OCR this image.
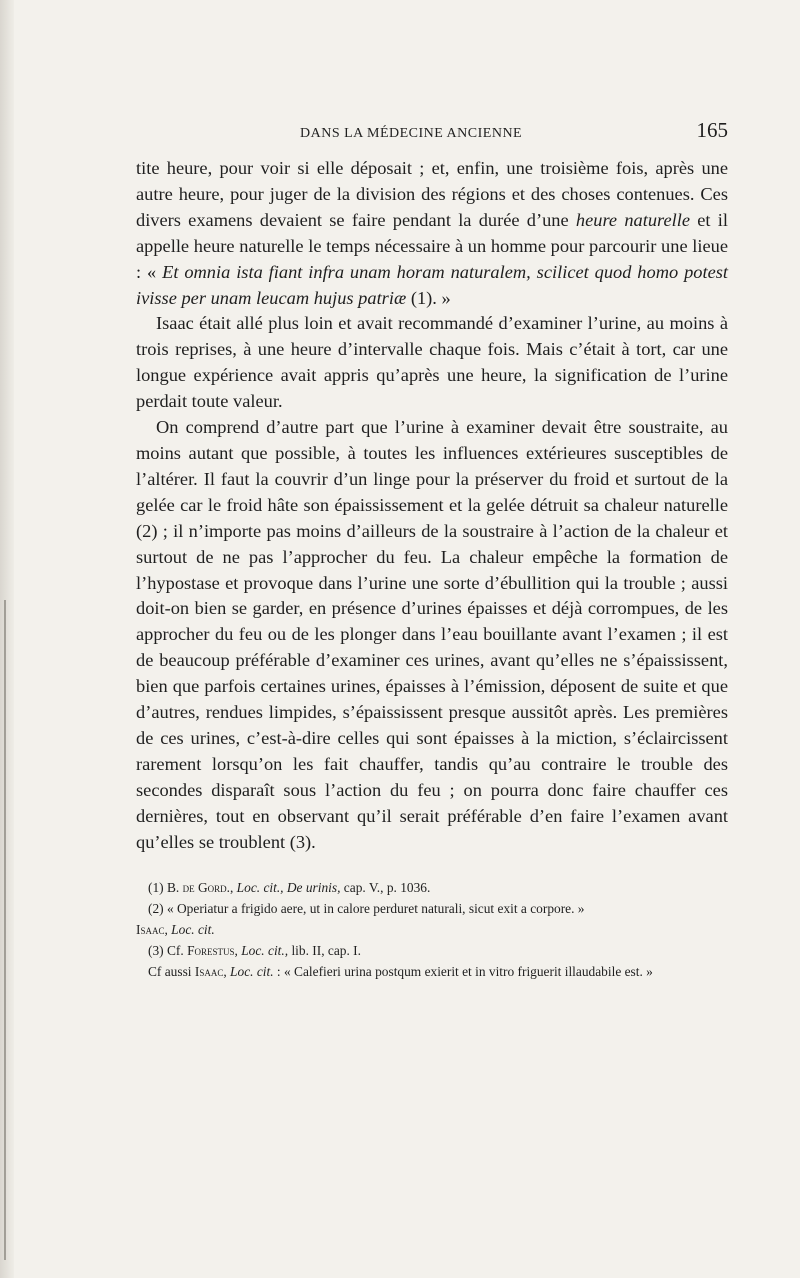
DANS LA MÉDECINE ANCIENNE	165

tite heure, pour voir si elle déposait ; et, enfin, une troisième fois, après une autre heure, pour juger de la division des régions et des choses contenues. Ces divers examens devaient se faire pendant la durée d’une heure naturelle et il appelle heure naturelle le temps nécessaire à un homme pour parcourir une lieue : « Et omnia ista fiant infra unam horam naturalem, scilicet quod homo potest ivisse per unam leucam hujus patriæ (1). »

Isaac était allé plus loin et avait recommandé d’examiner l’urine, au moins à trois reprises, à une heure d’intervalle chaque fois. Mais c’était à tort, car une longue expérience avait appris qu’après une heure, la signification de l’urine perdait toute valeur.

On comprend d’autre part que l’urine à examiner devait être soustraite, au moins autant que possible, à toutes les influences extérieures susceptibles de l’altérer. Il faut la couvrir d’un linge pour la préserver du froid et surtout de la gelée car le froid hâte son épaississement et la gelée détruit sa chaleur naturelle (2) ; il n’importe pas moins d’ailleurs de la soustraire à l’action de la chaleur et surtout de ne pas l’approcher du feu. La chaleur empêche la formation de l’hypostase et provoque dans l’urine une sorte d’ébullition qui la trouble ; aussi doit-on bien se garder, en présence d’urines épaisses et déjà corrompues, de les approcher du feu ou de les plonger dans l’eau bouillante avant l’examen ; il est de beaucoup préférable d’examiner ces urines, avant qu’elles ne s’épaississent, bien que parfois certaines urines, épaisses à l’émission, déposent de suite et que d’autres, rendues limpides, s’épaississent presque aussitôt après. Les premières de ces urines, c’est-à-dire celles qui sont épaisses à la miction, s’éclaircissent rarement lorsqu’on les fait chauffer, tandis qu’au contraire le trouble des secondes disparaît sous l’action du feu ; on pourra donc faire chauffer ces dernières, tout en observant qu’il serait préférable d’en faire l’examen avant qu’elles se troublent (3).

(1) B. de Gord., Loc. cit., De urinis, cap. V., p. 1036.

(2) « Operiatur a frigido aere, ut in calore perduret naturali, sicut exit a corpore. »

Isaac, Loc. cit.

(3) Cf. Forestus, Loc. cit., lib. II, cap. I.

Cf aussi Isaac, Loc. cit. : « Calefieri urina postqum exierit et in vitro friguerit illaudabile est. »
